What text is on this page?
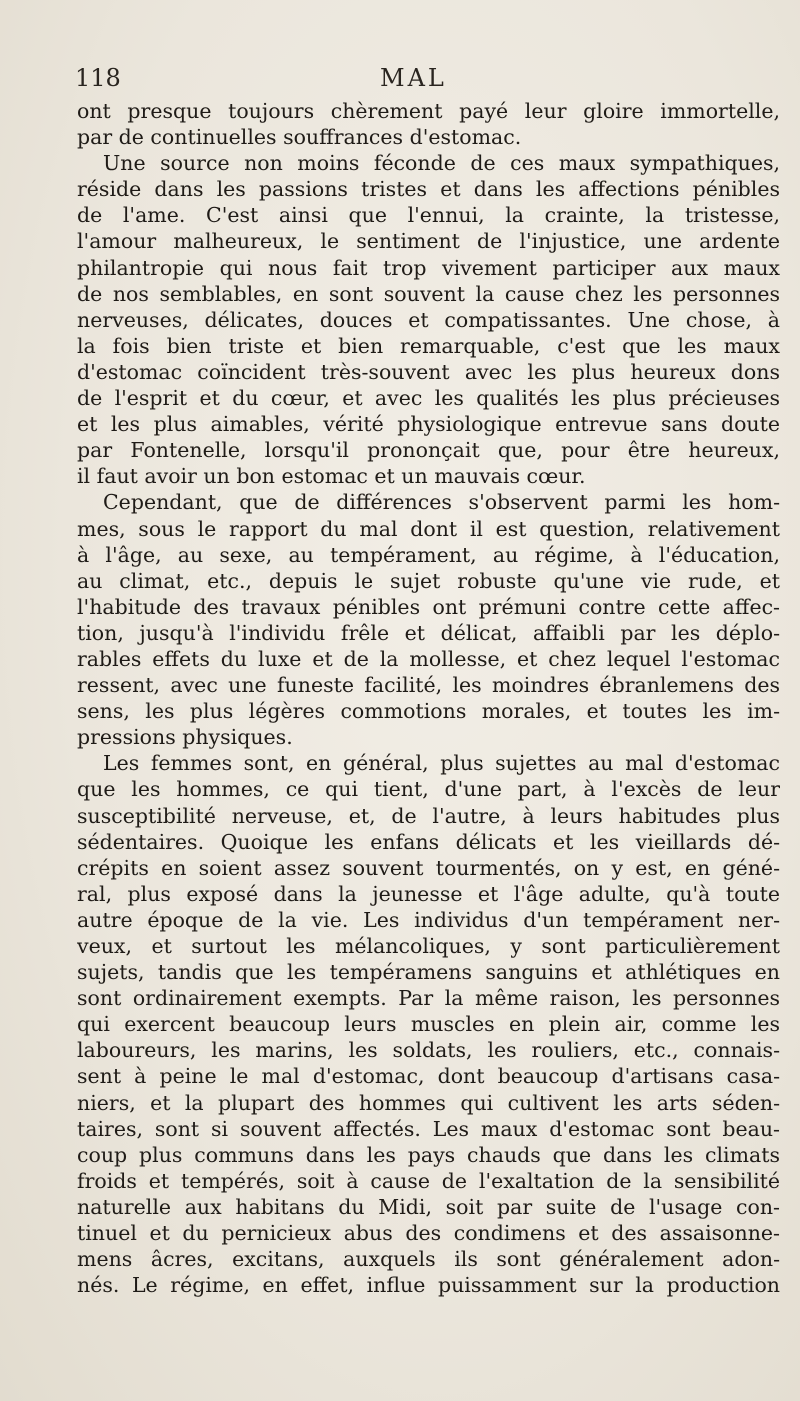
118	MAL
ont presque toujours chèrement payé leur gloire immortelle,
par de continuelles souffrances d'estomac.
Une source non moins féconde de ces maux sympathiques,
réside dans les passions tristes et dans les affections pénibles
de l'ame. C'est ainsi que l'ennui, la crainte, la tristesse,
l'amour malheureux, le sentiment de l'injustice, une ardente
philantropie qui nous fait trop vivement participer aux maux
de nos semblables, en sont souvent la cause chez les personnes
nerveuses, délicates, douces et compatissantes. Une chose, à
la fois bien triste et bien remarquable, c'est que les maux
d'estomac coïncident très-souvent avec les plus heureux dons
de l'esprit et du cœur, et avec les qualités les plus précieuses
et les plus aimables, vérité physiologique entrevue sans doute
par Fontenelle, lorsqu'il prononçait que, pour être heureux,
il faut avoir un bon estomac et un mauvais cœur.
Cependant, que de différences s'observent parmi les hom-
mes, sous le rapport du mal dont il est question, relativement
à l'âge, au sexe, au tempérament, au régime, à l'éducation,
au climat, etc., depuis le sujet robuste qu'une vie rude, et
l'habitude des travaux pénibles ont prémuni contre cette affec-
tion, jusqu'à l'individu frêle et délicat, affaibli par les déplo-
rables effets du luxe et de la mollesse, et chez lequel l'estomac
ressent, avec une funeste facilité, les moindres ébranlemens des
sens, les plus légères commotions morales, et toutes les im-
pressions physiques.
Les femmes sont, en général, plus sujettes au mal d'estomac
que les hommes, ce qui tient, d'une part, à l'excès de leur
susceptibilité nerveuse, et, de l'autre, à leurs habitudes plus
sédentaires. Quoique les enfans délicats et les vieillards dé-
crépits en soient assez souvent tourmentés, on y est, en géné-
ral, plus exposé dans la jeunesse et l'âge adulte, qu'à toute
autre époque de la vie. Les individus d'un tempérament ner-
veux, et surtout les mélancoliques, y sont particulièrement
sujets, tandis que les tempéramens sanguins et athlétiques en
sont ordinairement exempts. Par la même raison, les personnes
qui exercent beaucoup leurs muscles en plein air, comme les
laboureurs, les marins, les soldats, les rouliers, etc., connais-
sent à peine le mal d'estomac, dont beaucoup d'artisans casa-
niers, et la plupart des hommes qui cultivent les arts séden-
taires, sont si souvent affectés. Les maux d'estomac sont beau-
coup plus communs dans les pays chauds que dans les climats
froids et tempérés, soit à cause de l'exaltation de la sensibilité
naturelle aux habitans du Midi, soit par suite de l'usage con-
tinuel et du pernicieux abus des condimens et des assaisonne-
mens âcres, excitans, auxquels ils sont généralement adon-
nés. Le régime, en effet, influe puissamment sur la production
